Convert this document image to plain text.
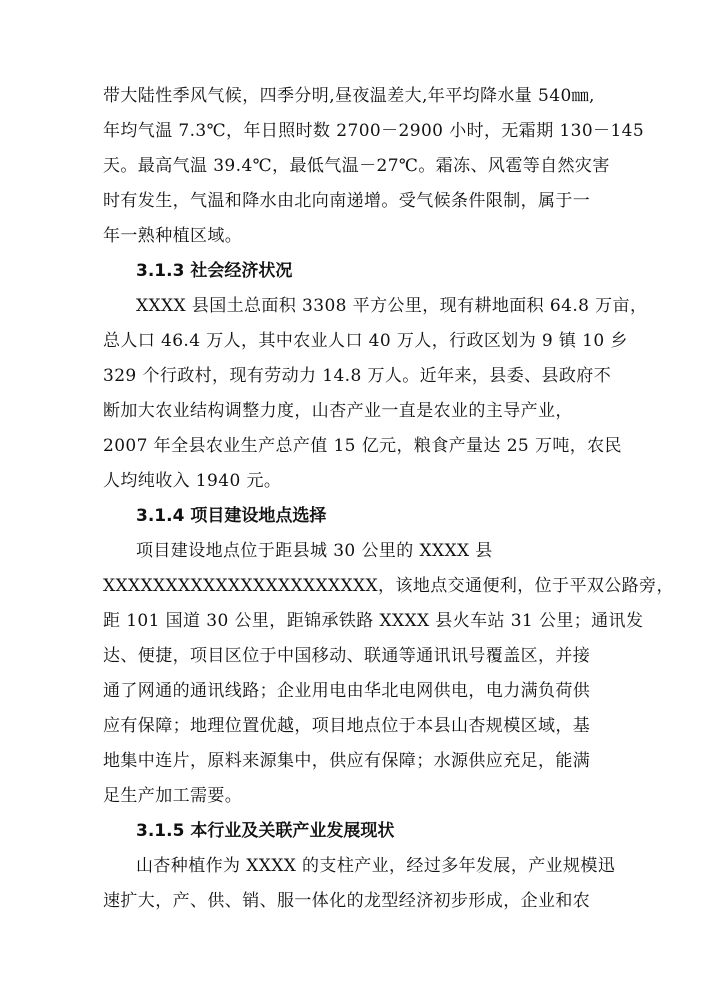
带大陆性季风气候，四季分明,昼夜温差大,年平均降水量 540㎜,
年均气温 7.3℃，年日照时数 2700－2900 小时，无霜期 130－145
天。最高气温 39.4℃，最低气温－27℃。霜冻、风雹等自然灾害
时有发生，气温和降水由北向南递增。受气候条件限制，属于一
年一熟种植区域。
3.1.3 社会经济状况
XXXX 县国土总面积 3308 平方公里，现有耕地面积 64.8 万亩，
总人口 46.4 万人，其中农业人口 40 万人，行政区划为 9 镇 10 乡
329 个行政村，现有劳动力 14.8 万人。近年来，县委、县政府不
断加大农业结构调整力度，山杏产业一直是农业的主导产业，
2007 年全县农业生产总产值 15 亿元，粮食产量达 25 万吨，农民
人均纯收入 1940 元。
3.1.4 项目建设地点选择
项目建设地点位于距县城 30 公里的 XXXX 县
XXXXXXXXXXXXXXXXXXXXXX，该地点交通便利，位于平双公路旁，
距 101 国道 30 公里，距锦承铁路 XXXX 县火车站 31 公里；通讯发
达、便捷，项目区位于中国移动、联通等通讯讯号覆盖区，并接
通了网通的通讯线路；企业用电由华北电网供电，电力满负荷供
应有保障；地理位置优越，项目地点位于本县山杏规模区域，基
地集中连片，原料来源集中，供应有保障；水源供应充足，能满
足生产加工需要。
3.1.5 本行业及关联产业发展现状
山杏种植作为 XXXX 的支柱产业，经过多年发展，产业规模迅
速扩大，产、供、销、服一体化的龙型经济初步形成，企业和农
